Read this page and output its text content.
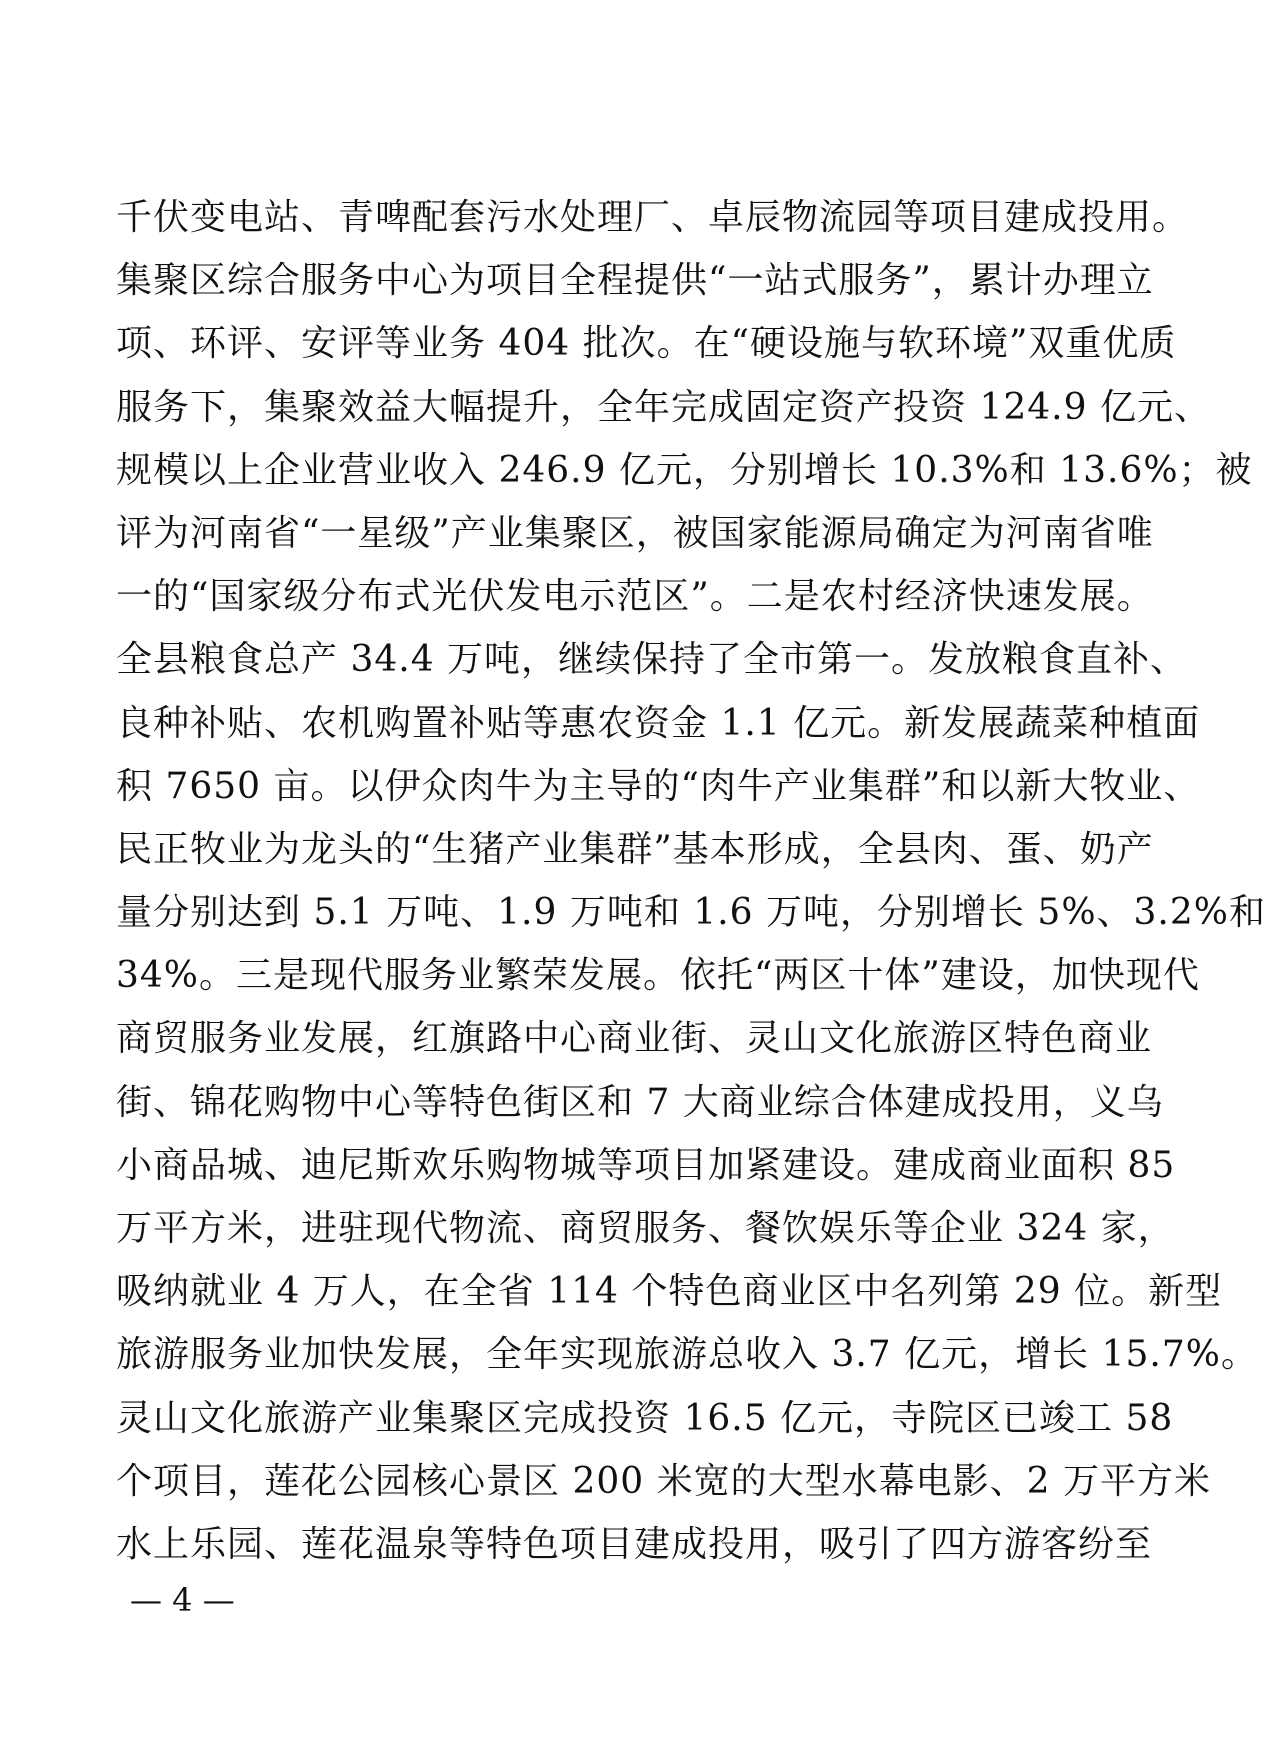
千伏变电站、青啤配套污水处理厂、卓辰物流园等项目建成投用。
集聚区综合服务中心为项目全程提供“一站式服务”，累计办理立
项、环评、安评等业务 404 批次。在“硬设施与软环境”双重优质
服务下，集聚效益大幅提升，全年完成固定资产投资 124.9 亿元、
规模以上企业营业收入 246.9 亿元，分别增长 10.3%和 13.6%；被
评为河南省“一星级”产业集聚区，被国家能源局确定为河南省唯
一的“国家级分布式光伏发电示范区”。二是农村经济快速发展。
全县粮食总产 34.4 万吨，继续保持了全市第一。发放粮食直补、
良种补贴、农机购置补贴等惠农资金 1.1 亿元。新发展蔬菜种植面
积 7650 亩。以伊众肉牛为主导的“肉牛产业集群”和以新大牧业、
民正牧业为龙头的“生猪产业集群”基本形成，全县肉、蛋、奶产
量分别达到 5.1 万吨、1.9 万吨和 1.6 万吨，分别增长 5%、3.2%和
34%。三是现代服务业繁荣发展。依托“两区十体”建设，加快现代
商贸服务业发展，红旗路中心商业街、灵山文化旅游区特色商业
街、锦花购物中心等特色街区和 7 大商业综合体建成投用，义乌
小商品城、迪尼斯欢乐购物城等项目加紧建设。建成商业面积 85
万平方米，进驻现代物流、商贸服务、餐饮娱乐等企业 324 家，
吸纳就业 4 万人，在全省 114 个特色商业区中名列第 29 位。新型
旅游服务业加快发展，全年实现旅游总收入 3.7 亿元，增长 15.7%。
灵山文化旅游产业集聚区完成投资 16.5 亿元，寺院区已竣工 58
个项目，莲花公园核心景区 200 米宽的大型水幕电影、2 万平方米
水上乐园、莲花温泉等特色项目建成投用，吸引了四方游客纷至
— 4 —
